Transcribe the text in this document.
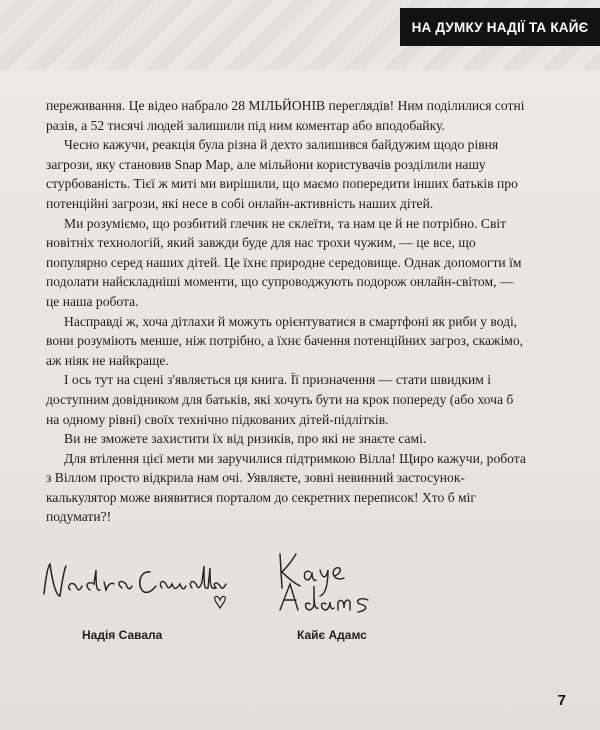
НА ДУМКУ НАДІЇ ТА КАЙЄ

переживання. Це відео набрало 28 МІЛЬЙОНІВ переглядів! Ним поділилися сотні разів, а 52 тисячі людей залишили під ним коментар або вподобайку.

Чесно кажучи, реакція була різна й дехто залишився байдужим щодо рівня загрози, яку становив Snap Map, але мільйони користувачів розділили нашу стурбованість. Тієї ж миті ми вирішили, що маємо попередити інших батьків про потенційні загрози, які несе в собі онлайн-активність наших дітей.

Ми розуміємо, що розбитий глечик не склеїти, та нам це й не потрібно. Світ новітніх технологій, який завжди буде для нас трохи чужим, — це все, що популярно серед наших дітей. Це їхнє природне середовище. Однак допомогти їм подолати найскладніші моменти, що супроводжують подорож онлайн-світом, — це наша робота.

Насправді ж, хоча дітлахи й можуть орієнтуватися в смартфоні як риби у воді, вони розуміють менше, ніж потрібно, а їхнє бачення потенційних загроз, скажімо, аж ніяк не найкраще.

І ось тут на сцені з'являється ця книга. Її призначення — стати швидким і доступним довідником для батьків, які хочуть бути на крок попереду (або хоча б на одному рівні) своїх технічно підкованих дітей-підлітків.

Ви не зможете захистити їх від ризиків, про які не знаєте самі.

Для втілення цієї мети ми заручилися підтримкою Вілла! Щиро кажучи, робота з Віллом просто відкрила нам очі. Уявляєте, зовні невинний застосунок-калькулятор може виявитися порталом до секретних переписок! Хто б міг подумати?!

Надія Савала	Кайє Адамс
7
